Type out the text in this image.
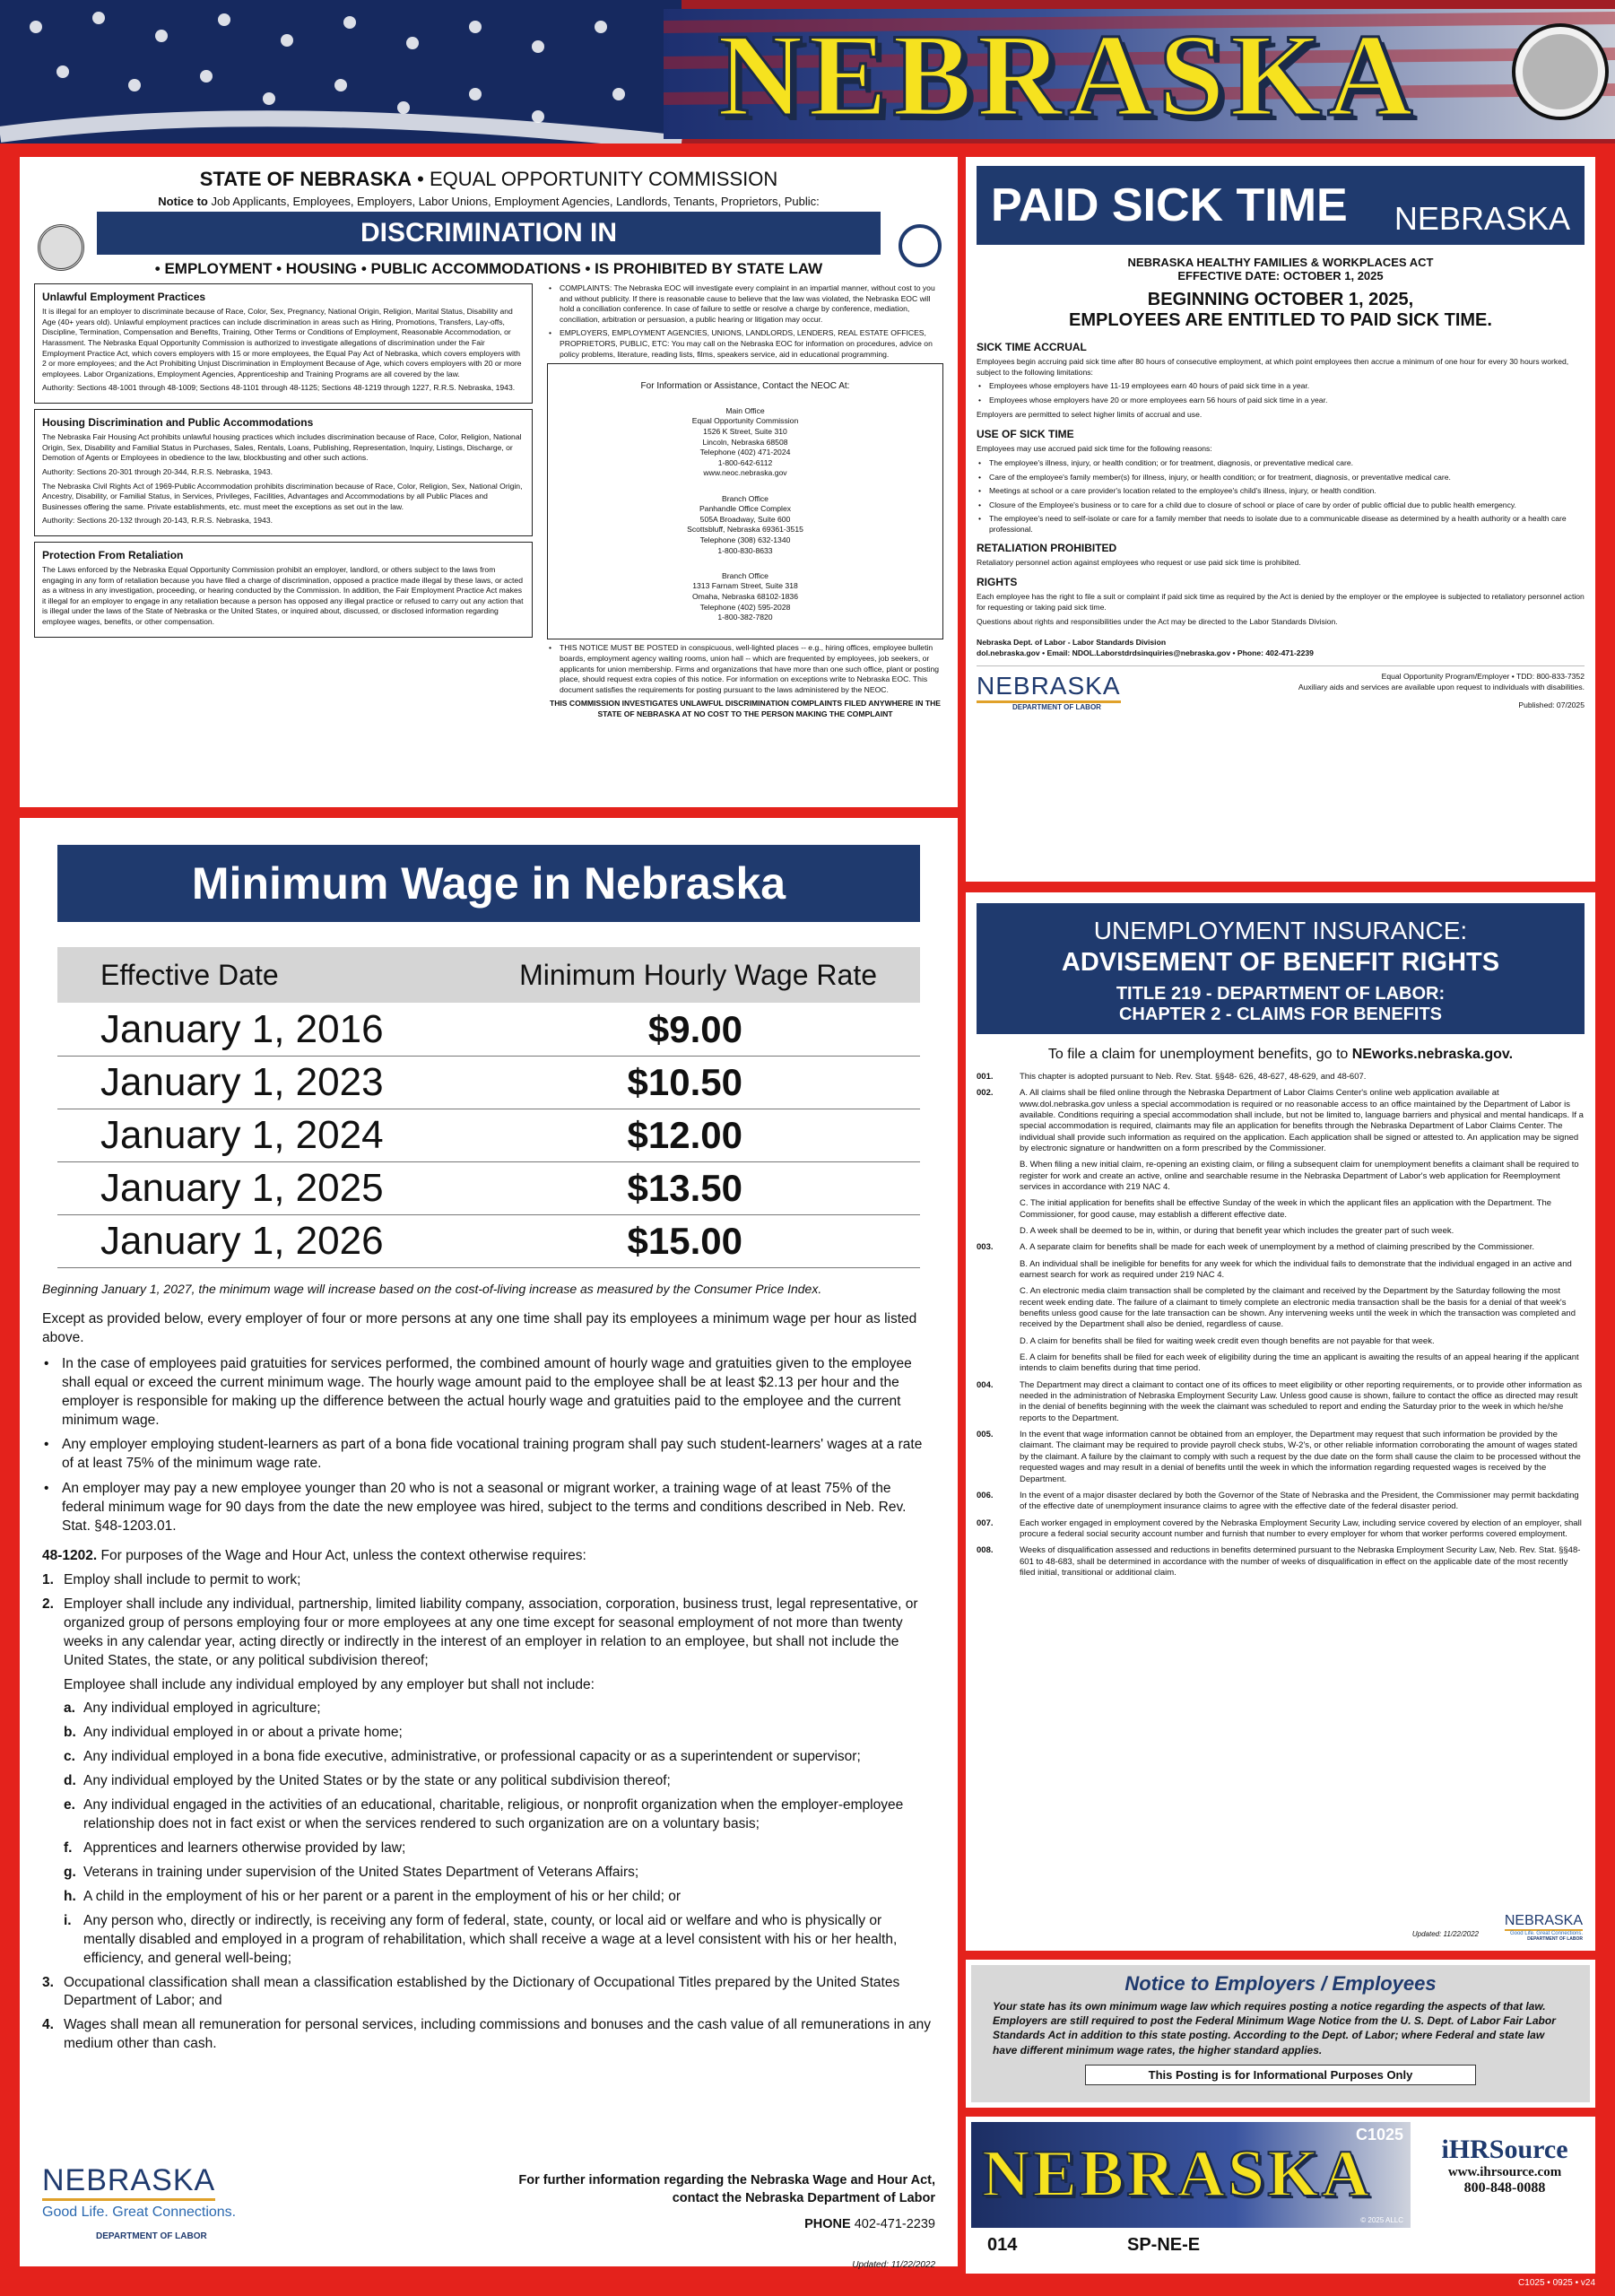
NEBRASKA
STATE OF NEBRASKA • EQUAL OPPORTUNITY COMMISSION
Notice to Job Applicants, Employees, Employers, Labor Unions, Employment Agencies, Landlords, Tenants, Proprietors, Public:
DISCRIMINATION IN
• EMPLOYMENT • HOUSING • PUBLIC ACCOMMODATIONS • IS PROHIBITED BY STATE LAW
Unlawful Employment Practices

It is illegal for an employer to discriminate because of Race, Color, Sex, Pregnancy, National Origin, Religion, Marital Status, Disability and Age (40+ years old). Unlawful employment practices can include discrimination in areas such as Hiring, Promotions, Transfers, Lay-offs, Discipline, Termination, Compensation and Benefits, Training, Other Terms or Conditions of Employment, Reasonable Accommodation, or Harassment. The Nebraska Equal Opportunity Commission is authorized to investigate allegations of discrimination under the Fair Employment Practice Act, which covers employers with 15 or more employees, the Equal Pay Act of Nebraska, which covers employers with 2 or more employees; and the Act Prohibiting Unjust Discrimination in Employment Because of Age, which covers employers with 20 or more employees. Labor Organizations, Employment Agencies, Apprenticeship and Training Programs are all covered by the law.

Authority: Sections 48-1001 through 48-1009; Sections 48-1101 through 48-1125; Sections 48-1219 through 1227, R.R.S. Nebraska, 1943.

Housing Discrimination and Public Accommodations

The Nebraska Fair Housing Act prohibits unlawful housing practices which includes discrimination because of Race, Color, Religion, National Origin, Sex, Disability and Familial Status in Purchases, Sales, Rentals, Loans, Publishing, Representation, Inquiry, Listings, Discharge, or Demotion of Agents or Employees in obedience to the law, blockbusting and other such actions.

Authority: Sections 20-301 through 20-344, R.R.S. Nebraska, 1943.

The Nebraska Civil Rights Act of 1969-Public Accommodation prohibits discrimination because of Race, Color, Religion, Sex, National Origin, Ancestry, Disability, or Familial Status, in Services, Privileges, Facilities, Advantages and Accommodations by all Public Places and Businesses offering the same. Private establishments, etc. must meet the exceptions as set out in the law.

Authority: Sections 20-132 through 20-143, R.R.S. Nebraska, 1943.

Protection From Retaliation

The Laws enforced by the Nebraska Equal Opportunity Commission prohibit an employer, landlord, or others subject to the laws from engaging in any form of retaliation because you have filed a charge of discrimination, opposed a practice made illegal by these laws, or acted as a witness in any investigation, proceeding, or hearing conducted by the Commission. In addition, the Fair Employment Practice Act makes it illegal for an employer to engage in any retaliation because a person has opposed any illegal practice or refused to carry out any action that is illegal under the laws of the State of Nebraska or the United States, or inquired about, discussed, or disclosed information regarding employee wages, benefits, or other compensation.

• COMPLAINTS: The Nebraska EOC will investigate every complaint in an impartial manner, without cost to you and without publicity. If there is reasonable cause to believe that the law was violated, the Nebraska EOC will hold a conciliation conference. In case of failure to settle or resolve a charge by conference, mediation, conciliation, arbitration or persuasion, a public hearing or litigation may occur.
• EMPLOYERS, EMPLOYMENT AGENCIES, UNIONS, LANDLORDS, LENDERS, REAL ESTATE OFFICES, PROPRIETORS, PUBLIC, ETC: You may call on the Nebraska EOC for information on procedures, advice on policy problems, literature, reading lists, films, speakers service, aid in educational programming.

For Information or Assistance, Contact the NEOC At:

Main Office
Equal Opportunity Commission
1526 K Street, Suite 310
Lincoln, Nebraska 68508
Telephone (402) 471-2024
1-800-642-6112
www.neoc.nebraska.gov

Branch Office
Panhandle Office Complex
505A Broadway, Suite 600
Scottsbluff, Nebraska 69361-3515
Telephone (308) 632-1340
1-800-830-8633

Branch Office
1313 Farnam Street, Suite 318
Omaha, Nebraska 68102-1836
Telephone (402) 595-2028
1-800-382-7820

• THIS NOTICE MUST BE POSTED in conspicuous, well-lighted places -- e.g., hiring offices, employee bulletin boards, employment agency waiting rooms, union hall -- which are frequented by employees, job seekers, or applicants for union membership. Firms and organizations that have more than one such office, plant or posting place, should request extra copies of this notice. For information on exceptions write to Nebraska EOC. This document satisfies the requirements for posting pursuant to the laws administered by the NEOC.
THIS COMMISSION INVESTIGATES UNLAWFUL DISCRIMINATION COMPLAINTS FILED ANYWHERE IN THE STATE OF NEBRASKA AT NO COST TO THE PERSON MAKING THE COMPLAINT
PAID SICK TIME NEBRASKA
NEBRASKA HEALTHY FAMILIES & WORKPLACES ACT
EFFECTIVE DATE: OCTOBER 1, 2025
BEGINNING OCTOBER 1, 2025,
EMPLOYEES ARE ENTITLED TO PAID SICK TIME.
SICK TIME ACCRUAL

Employees begin accruing paid sick time after 80 hours of consecutive employment, at which point employees then accrue a minimum of one hour for every 30 hours worked, subject to the following limitations:

• Employees whose employers have 11-19 employees earn 40 hours of paid sick time in a year.
• Employees whose employers have 20 or more employees earn 56 hours of paid sick time in a year.

Employers are permitted to select higher limits of accrual and use.

USE OF SICK TIME

Employees may use accrued paid sick time for the following reasons:

• The employee's illness, injury, or health condition; or for treatment, diagnosis, or preventative medical care.
• Care of the employee's family member(s) for illness, injury, or health condition; or for treatment, diagnosis, or preventative medical care.
• Meetings at school or a care provider's location related to the employee's child's illness, injury, or health condition.
• Closure of the Employee's business or to care for a child due to closure of school or place of care by order of public official due to public health emergency.
• The employee's need to self-isolate or care for a family member that needs to isolate due to a communicable disease as determined by a health authority or a health care professional.
RETALIATION PROHIBITED

Retaliatory personnel action against employees who request or use paid sick time is prohibited.

RIGHTS

Each employee has the right to file a suit or complaint if paid sick time as required by the Act is denied by the employer or the employee is subjected to retaliatory personnel action for requesting or taking paid sick time.

Questions about rights and responsibilities under the Act may be directed to the Labor Standards Division.

Nebraska Dept. of Labor - Labor Standards Division
dol.nebraska.gov • Email: NDOL.Laborstdrdsinquiries@nebraska.gov • Phone: 402-471-2239
NEBRASKA
DEPARTMENT OF LABOR
Equal Opportunity Program/Employer • TDD: 800-833-7352
Auxiliary aids and services are available upon request to individuals with disabilities.
Published: 07/2025
Minimum Wage in Nebraska
Effective Date	Minimum Hourly Wage Rate
January 1, 2016	$9.00
January 1, 2023	$10.50
January 1, 2024	$12.00
January 1, 2025	$13.50
January 1, 2026	$15.00

Beginning January 1, 2027, the minimum wage will increase based on the cost-of-living increase as measured by the Consumer Price Index.

Except as provided below, every employer of four or more persons at any one time shall pay its employees a minimum wage per hour as listed above.

• In the case of employees paid gratuities for services performed, the combined amount of hourly wage and gratuities given to the employee shall equal or exceed the current minimum wage. The hourly wage amount paid to the employee shall be at least $2.13 per hour and the employer is responsible for making up the difference between the actual hourly wage and gratuities paid to the employee and the current minimum wage.
• Any employer employing student-learners as part of a bona fide vocational training program shall pay such student-learners' wages at a rate of at least 75% of the minimum wage rate.
• An employer may pay a new employee younger than 20 who is not a seasonal or migrant worker, a training wage of at least 75% of the federal minimum wage for 90 days from the date the new employee was hired, subject to the terms and conditions described in Neb. Rev. Stat. §48-1203.01.

48-1202. For purposes of the Wage and Hour Act, unless the context otherwise requires:

1. Employ shall include to permit to work;
2. Employer shall include any individual, partnership, limited liability company, association, corporation, business trust, legal representative, or organized group of persons employing four or more employees at any one time except for seasonal employment of not more than twenty weeks in any calendar year, acting directly or indirectly in the interest of an employer in relation to an employee, but shall not include the United States, the state, or any political subdivision thereof;
Employee shall include any individual employed by any employer but shall not include:
a. Any individual employed in agriculture;
b. Any individual employed in or about a private home;
c. Any individual employed in a bona fide executive, administrative, or professional capacity or as a superintendent or supervisor;
d. Any individual employed by the United States or by the state or any political subdivision thereof;
e. Any individual engaged in the activities of an educational, charitable, religious, or nonprofit organization when the employer-employee relationship does not in fact exist or when the services rendered to such organization are on a voluntary basis;
f. Apprentices and learners otherwise provided by law;
g. Veterans in training under supervision of the United States Department of Veterans Affairs;
h. A child in the employment of his or her parent or a parent in the employment of his or her child; or
i. Any person who, directly or indirectly, is receiving any form of federal, state, county, or local aid or welfare and who is physically or mentally disabled and employed in a program of rehabilitation, which shall receive a wage at a level consistent with his or her health, efficiency, and general well-being;
3. Occupational classification shall mean a classification established by the Dictionary of Occupational Titles prepared by the United States Department of Labor; and
4. Wages shall mean all remuneration for personal services, including commissions and bonuses and the cash value of all remunerations in any medium other than cash.
NEBRASKA
Good Life. Great Connections.
DEPARTMENT OF LABOR
For further information regarding the Nebraska Wage and Hour Act,
contact the Nebraska Department of Labor
PHONE 402-471-2239
Updated: 11/22/2022
UNEMPLOYMENT INSURANCE:
ADVISEMENT OF BENEFIT RIGHTS
TITLE 219 - DEPARTMENT OF LABOR:
CHAPTER 2 - CLAIMS FOR BENEFITS
To file a claim for unemployment benefits, go to NEworks.nebraska.gov.
001.	This chapter is adopted pursuant to Neb. Rev. Stat. §§48- 626, 48-627, 48-629, and 48-607.
002.	A. All claims shall be filed online through the Nebraska Department of Labor Claims Center's online web application available at www.dol.nebraska.gov unless a special accommodation is required or no reasonable access to an office maintained by the Department of Labor is available. Conditions requiring a special accommodation shall include, but not be limited to, language barriers and physical and mental handicaps. If a special accommodation is required, claimants may file an application for benefits through the Nebraska Department of Labor Claims Center. The individual shall provide such information as required on the application. Each application shall be signed or attested to. An application may be signed by electronic signature or handwritten on a form prescribed by the Commissioner.
B. When filing a new initial claim, re-opening an existing claim, or filing a subsequent claim for unemployment benefits a claimant shall be required to register for work and create an active, online and searchable resume in the Nebraska Department of Labor's web application for Reemployment services in accordance with 219 NAC 4.
C. The initial application for benefits shall be effective Sunday of the week in which the applicant files an application with the Department. The Commissioner, for good cause, may establish a different effective date.
D. A week shall be deemed to be in, within, or during that benefit year which includes the greater part of such week.
003.	A. A separate claim for benefits shall be made for each week of unemployment by a method of claiming prescribed by the Commissioner.
B. An individual shall be ineligible for benefits for any week for which the individual fails to demonstrate that the individual engaged in an active and earnest search for work as required under 219 NAC 4.
C. An electronic media claim transaction shall be completed by the claimant and received by the Department by the Saturday following the most recent week ending date. The failure of a claimant to timely complete an electronic media transaction shall be the basis for a denial of that week's benefits unless good cause for the late transaction can be shown. Any intervening weeks until the week in which the transaction was completed and received by the Department shall also be denied, regardless of cause.
D. A claim for benefits shall be filed for waiting week credit even though benefits are not payable for that week.
E. A claim for benefits shall be filed for each week of eligibility during the time an applicant is awaiting the results of an appeal hearing if the applicant intends to claim benefits during that time period.
004.	The Department may direct a claimant to contact one of its offices to meet eligibility or other reporting requirements, or to provide other information as needed in the administration of Nebraska Employment Security Law. Unless good cause is shown, failure to contact the office as directed may result in the denial of benefits beginning with the week the claimant was scheduled to report and ending the Saturday prior to the week in which he/she reports to the Department.
005.	In the event that wage information cannot be obtained from an employer, the Department may request that such information be provided by the claimant. The claimant may be required to provide payroll check stubs, W-2's, or other reliable information corroborating the amount of wages stated by the claimant. A failure by the claimant to comply with such a request by the due date on the form shall cause the claim to be processed without the requested wages and may result in a denial of benefits until the week in which the information regarding requested wages is received by the Department.
006.	In the event of a major disaster declared by both the Governor of the State of Nebraska and the President, the Commissioner may permit backdating of the effective date of unemployment insurance claims to agree with the effective date of the federal disaster period.
007.	Each worker engaged in employment covered by the Nebraska Employment Security Law, including service covered by election of an employer, shall procure a federal social security account number and furnish that number to every employer for whom that worker performs covered employment.
008.	Weeks of disqualification assessed and reductions in benefits determined pursuant to the Nebraska Employment Security Law, Neb. Rev. Stat. §§48-601 to 48-683, shall be determined in accordance with the number of weeks of disqualification in effect on the applicable date of the most recently filed initial, transitional or additional claim.
NEBRASKA
Good Life. Great Connections.
DEPARTMENT OF LABOR
Updated: 11/22/2022
Notice to Employers / Employees
Your state has its own minimum wage law which requires posting a notice regarding the aspects of that law. Employers are still required to post the Federal Minimum Wage Notice from the U. S. Dept. of Labor Fair Labor Standards Act in addition to this state posting. According to the Dept. of Labor; where Federal and state law have different minimum wage rates, the higher standard applies.
This Posting is for Informational Purposes Only
NEBRASKA
C1025
© 2025 ALLC
014	SP-NE-E
iHRSource
www.ihrsource.com
800-848-0088
C1025 • 0925 • v24
